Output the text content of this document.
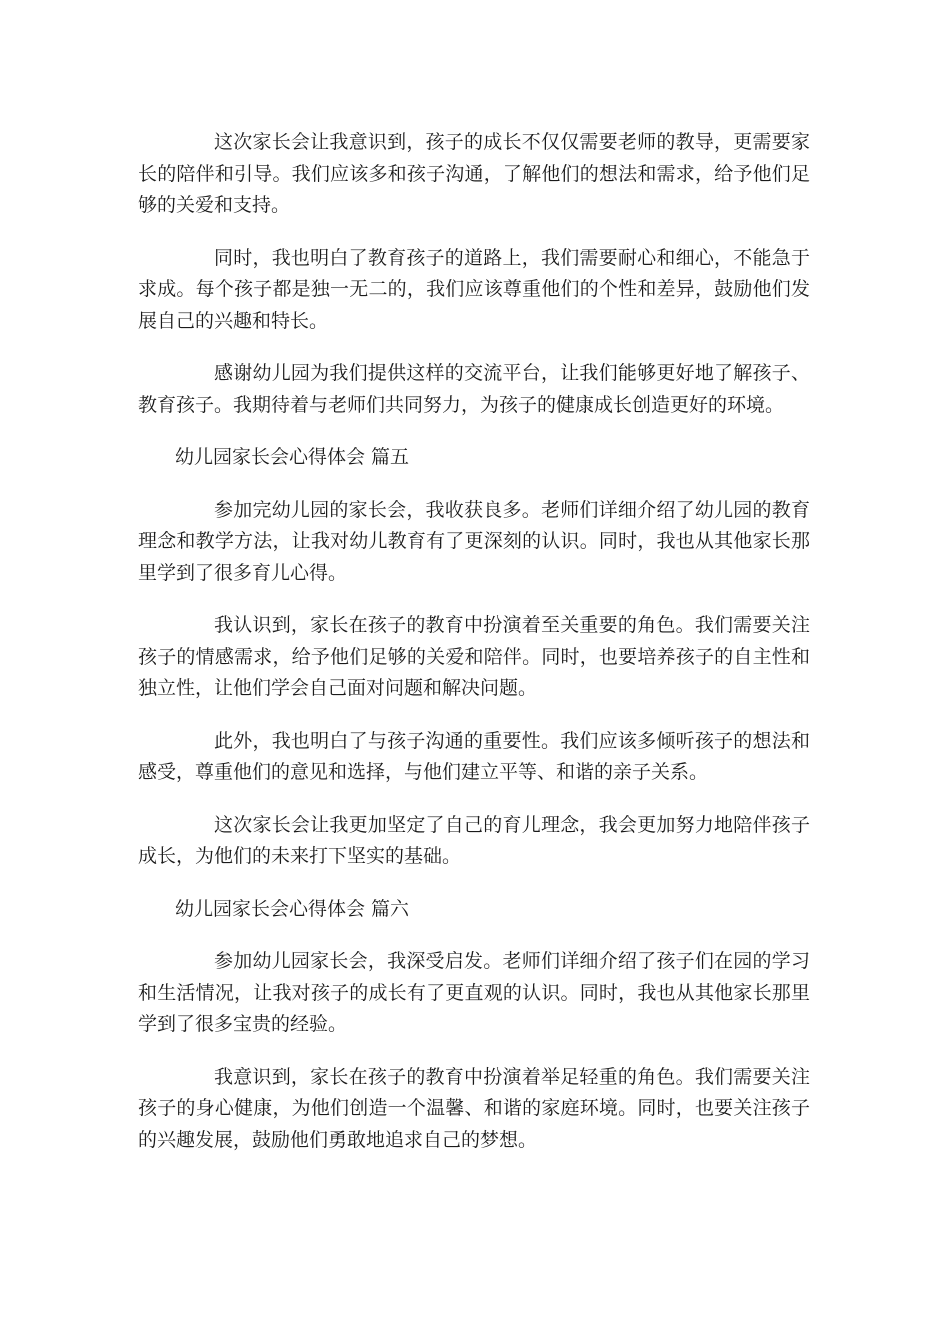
这次家长会让我意识到，孩子的成长不仅仅需要老师的教导，更需要家长的陪伴和引导。我们应该多和孩子沟通，了解他们的想法和需求，给予他们足够的关爱和支持。

同时，我也明白了教育孩子的道路上，我们需要耐心和细心，不能急于求成。每个孩子都是独一无二的，我们应该尊重他们的个性和差异，鼓励他们发展自己的兴趣和特长。

感谢幼儿园为我们提供这样的交流平台，让我们能够更好地了解孩子、教育孩子。我期待着与老师们共同努力，为孩子的健康成长创造更好的环境。

幼儿园家长会心得体会 篇五

参加完幼儿园的家长会，我收获良多。老师们详细介绍了幼儿园的教育理念和教学方法，让我对幼儿教育有了更深刻的认识。同时，我也从其他家长那里学到了很多育儿心得。

我认识到，家长在孩子的教育中扮演着至关重要的角色。我们需要关注孩子的情感需求，给予他们足够的关爱和陪伴。同时，也要培养孩子的自主性和独立性，让他们学会自己面对问题和解决问题。

此外，我也明白了与孩子沟通的重要性。我们应该多倾听孩子的想法和感受，尊重他们的意见和选择，与他们建立平等、和谐的亲子关系。

这次家长会让我更加坚定了自己的育儿理念，我会更加努力地陪伴孩子成长，为他们的未来打下坚实的基础。

幼儿园家长会心得体会 篇六

参加幼儿园家长会，我深受启发。老师们详细介绍了孩子们在园的学习和生活情况，让我对孩子的成长有了更直观的认识。同时，我也从其他家长那里学到了很多宝贵的经验。

我意识到，家长在孩子的教育中扮演着举足轻重的角色。我们需要关注孩子的身心健康，为他们创造一个温馨、和谐的家庭环境。同时，也要关注孩子的兴趣发展，鼓励他们勇敢地追求自己的梦想。
